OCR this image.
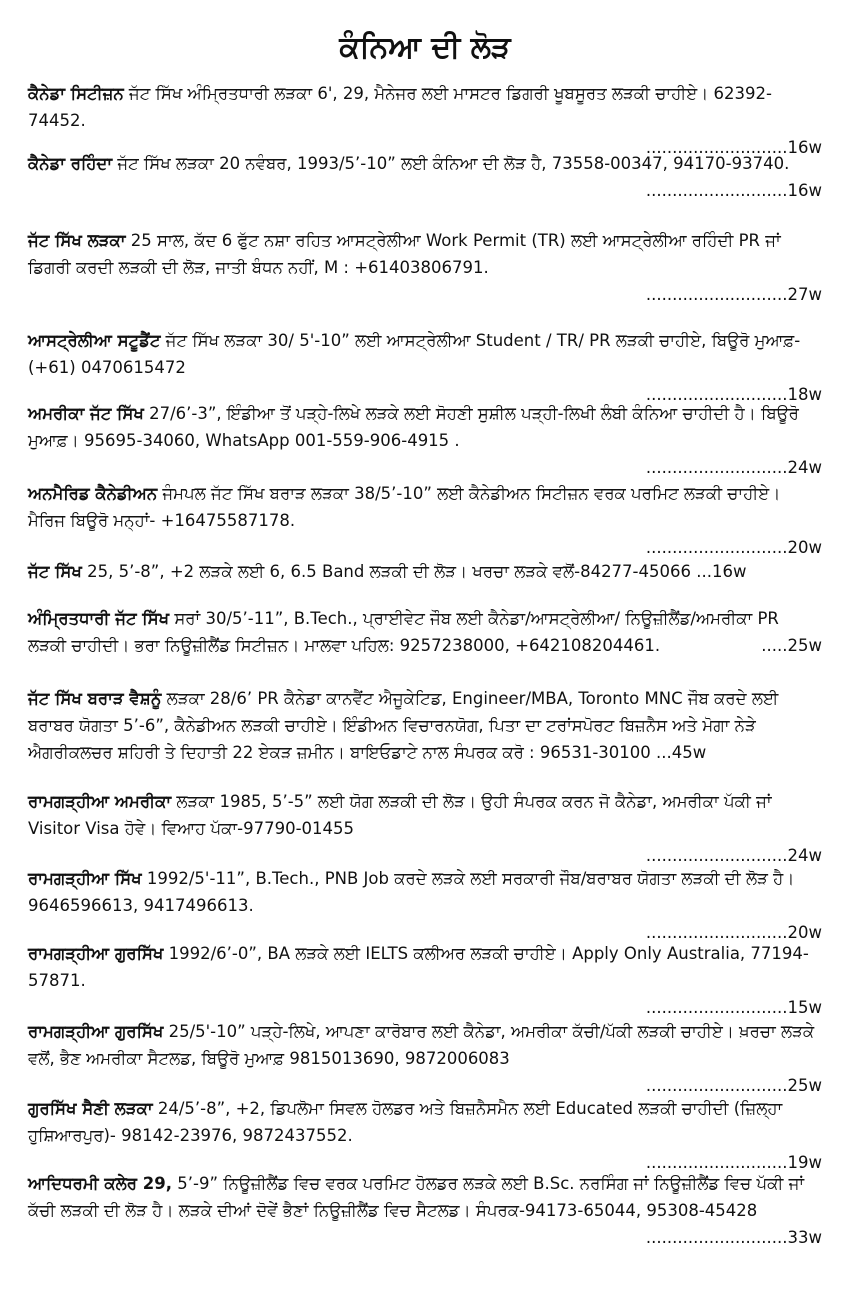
ਕੰਨਿਆ ਦੀ ਲੋੜ
ਕੈਨੇਡਾ ਸਿਟੀਜ਼ਨ ਜੱਟ ਸਿੱਖ ਅੰਮ੍ਰਿਤਧਾਰੀ ਲੜਕਾ 6', 29, ਮੈਨੇਜਰ ਲਈ ਮਾਸਟਰ ਡਿਗਰੀ ਖੂਬਸੂਰਤ ਲੜਕੀ ਚਾਹੀਏ। 62392-74452.
...........................16w
ਕੈਨੇਡਾ ਰਹਿੰਦਾ ਜੱਟ ਸਿੱਖ ਲੜਕਾ 20 ਨਵੰਬਰ, 1993/5’-10” ਲਈ ਕੰਨਿਆ ਦੀ ਲੋੜ ਹੈ, 73558-00347, 94170-93740.
...........................16w
ਜੱਟ ਸਿੱਖ ਲੜਕਾ 25 ਸਾਲ, ਕੱਦ 6 ਫੁੱਟ ਨਸ਼ਾ ਰਹਿਤ ਆਸਟ੍ਰੇਲੀਆ Work Permit (TR) ਲਈ ਆਸਟ੍ਰੇਲੀਆ ਰਹਿੰਦੀ PR ਜਾਂ ਡਿਗਰੀ ਕਰਦੀ ਲੜਕੀ ਦੀ ਲੋੜ, ਜਾਤੀ ਬੰਧਨ ਨਹੀਂ, M : +61403806791.
...........................27w
ਆਸਟ੍ਰੇਲੀਆ ਸਟੂਡੈਂਟ ਜੱਟ ਸਿੱਖ ਲੜਕਾ 30/ 5'-10” ਲਈ ਆਸਟ੍ਰੇਲੀਆ Student / TR/ PR ਲੜਕੀ ਚਾਹੀਏ, ਬਿਊਰੋ ਮੁਆਫ਼-(+61) 0470615472
...........................18w
ਅਮਰੀਕਾ ਜੱਟ ਸਿੱਖ 27/6’-3”, ਇੰਡੀਆ ਤੋਂ ਪੜ੍ਹੇ-ਲਿਖੇ ਲੜਕੇ ਲਈ ਸੋਹਣੀ ਸੁਸ਼ੀਲ ਪੜ੍ਹੀ-ਲਿਖੀ ਲੰਬੀ ਕੰਨਿਆ ਚਾਹੀਦੀ ਹੈ। ਬਿਊਰੋ ਮੁਆਫ਼। 95695-34060, WhatsApp 001-559-906-4915 .
...........................24w
ਅਨਮੈਰਿਡ ਕੈਨੇਡੀਅਨ ਜੰਮਪਲ ਜੱਟ ਸਿੱਖ ਬਰਾੜ ਲੜਕਾ 38/5’-10” ਲਈ ਕੈਨੇਡੀਅਨ ਸਿਟੀਜ਼ਨ ਵਰਕ ਪਰਮਿਟ ਲੜਕੀ ਚਾਹੀਏ। ਮੈਰਿਜ ਬਿਊਰੋ ਮਨ੍ਹਾਂ- +16475587178.
...........................20w
ਜੱਟ ਸਿੱਖ 25, 5’-8”, +2 ਲੜਕੇ ਲਈ 6, 6.5 Band ਲੜਕੀ ਦੀ ਲੋੜ। ਖਰਚਾ ਲੜਕੇ ਵਲੋਂ-84277-45066 ...16w
ਅੰਮ੍ਰਿਤਧਾਰੀ ਜੱਟ ਸਿੱਖ ਸਰਾਂ 30/5’-11”, B.Tech., ਪ੍ਰਾਈਵੇਟ ਜੌਬ ਲਈ ਕੈਨੇਡਾ/ਆਸਟ੍ਰੇਲੀਆ/ ਨਿਊਜ਼ੀਲੈਂਡ/ਅਮਰੀਕਾ PR ਲੜਕੀ ਚਾਹੀਦੀ। ਭਰਾ ਨਿਊਜ਼ੀਲੈਂਡ ਸਿਟੀਜ਼ਨ। ਮਾਲਵਾ ਪਹਿਲ: 9257238000, +642108204461.	.....25w
ਜੱਟ ਸਿੱਖ ਬਰਾੜ ਵੈਸ਼ਨੂੰ ਲੜਕਾ 28/6’ PR ਕੈਨੇਡਾ ਕਾਨਵੈਂਟ ਐਜੂਕੇਟਿਡ, Engineer/MBA, Toronto MNC ਜੌਬ ਕਰਦੇ ਲਈ ਬਰਾਬਰ ਯੋਗਤਾ 5’-6”, ਕੈਨੇਡੀਅਨ ਲੜਕੀ ਚਾਹੀਏ। ਇੰਡੀਅਨ ਵਿਚਾਰਨਯੋਗ, ਪਿਤਾ ਦਾ ਟਰਾਂਸਪੋਰਟ ਬਿਜ਼ਨੈਸ ਅਤੇ ਮੋਗਾ ਨੇੜੇ ਐਗਰੀਕਲਚਰ ਸ਼ਹਿਰੀ ਤੇ ਦਿਹਾਤੀ 22 ਏਕੜ ਜ਼ਮੀਨ। ਬਾਇਓਡਾਟੇ ਨਾਲ ਸੰਪਰਕ ਕਰੋ : 96531-30100 ...45w
ਰਾਮਗੜ੍ਹੀਆ ਅਮਰੀਕਾ ਲੜਕਾ 1985, 5’-5” ਲਈ ਯੋਗ ਲੜਕੀ ਦੀ ਲੋੜ। ਉਹੀ ਸੰਪਰਕ ਕਰਨ ਜੋ ਕੈਨੇਡਾ, ਅਮਰੀਕਾ ਪੱਕੀ ਜਾਂ Visitor Visa ਹੋਵੇ। ਵਿਆਹ ਪੱਕਾ-97790-01455
...........................24w
ਰਾਮਗੜ੍ਹੀਆ ਸਿੱਖ 1992/5'-11”, B.Tech., PNB Job ਕਰਦੇ ਲੜਕੇ ਲਈ ਸਰਕਾਰੀ ਜੌਬ/ਬਰਾਬਰ ਯੋਗਤਾ ਲੜਕੀ ਦੀ ਲੋੜ ਹੈ। 9646596613, 9417496613.
...........................20w
ਰਾਮਗੜ੍ਹੀਆ ਗੁਰਸਿੱਖ 1992/6’-0”, BA ਲੜਕੇ ਲਈ IELTS ਕਲੀਅਰ ਲੜਕੀ ਚਾਹੀਏ। Apply Only Australia, 77194-57871.
...........................15w
ਰਾਮਗੜ੍ਹੀਆ ਗੁਰਸਿੱਖ 25/5'-10” ਪੜ੍ਹੇ-ਲਿਖੇ, ਆਪਣਾ ਕਾਰੋਬਾਰ ਲਈ ਕੈਨੇਡਾ, ਅਮਰੀਕਾ ਕੱਚੀ/ਪੱਕੀ ਲੜਕੀ ਚਾਹੀਏ। ਖ਼ਰਚਾ ਲੜਕੇ ਵਲੋਂ, ਭੈਣ ਅਮਰੀਕਾ ਸੈਟਲਡ, ਬਿਊਰੋ ਮੁਆਫ਼ 9815013690, 9872006083
...........................25w
ਗੁਰਸਿੱਖ ਸੈਣੀ ਲੜਕਾ 24/5’-8”, +2, ਡਿਪਲੋਮਾ ਸਿਵਲ ਹੋਲਡਰ ਅਤੇ ਬਿਜ਼ਨੈਸਮੈਨ ਲਈ Educated ਲੜਕੀ ਚਾਹੀਦੀ (ਜ਼ਿਲ੍ਹਾ ਹੁਸ਼ਿਆਰਪੁਰ)- 98142-23976, 9872437552.
...........................19w
ਆਦਿਧਰਮੀ ਕਲੇਰ 29, 5’-9” ਨਿਊਜ਼ੀਲੈਂਡ ਵਿਚ ਵਰਕ ਪਰਮਿਟ ਹੋਲਡਰ ਲੜਕੇ ਲਈ B.Sc. ਨਰਸਿੰਗ ਜਾਂ ਨਿਊਜ਼ੀਲੈਂਡ ਵਿਚ ਪੱਕੀ ਜਾਂ ਕੱਚੀ ਲੜਕੀ ਦੀ ਲੋੜ ਹੈ। ਲੜਕੇ ਦੀਆਂ ਦੋਵੇਂ ਭੈਣਾਂ ਨਿਊਜ਼ੀਲੈਂਡ ਵਿਚ ਸੈਟਲਡ। ਸੰਪਰਕ-94173-65044, 95308-45428
...........................33w
